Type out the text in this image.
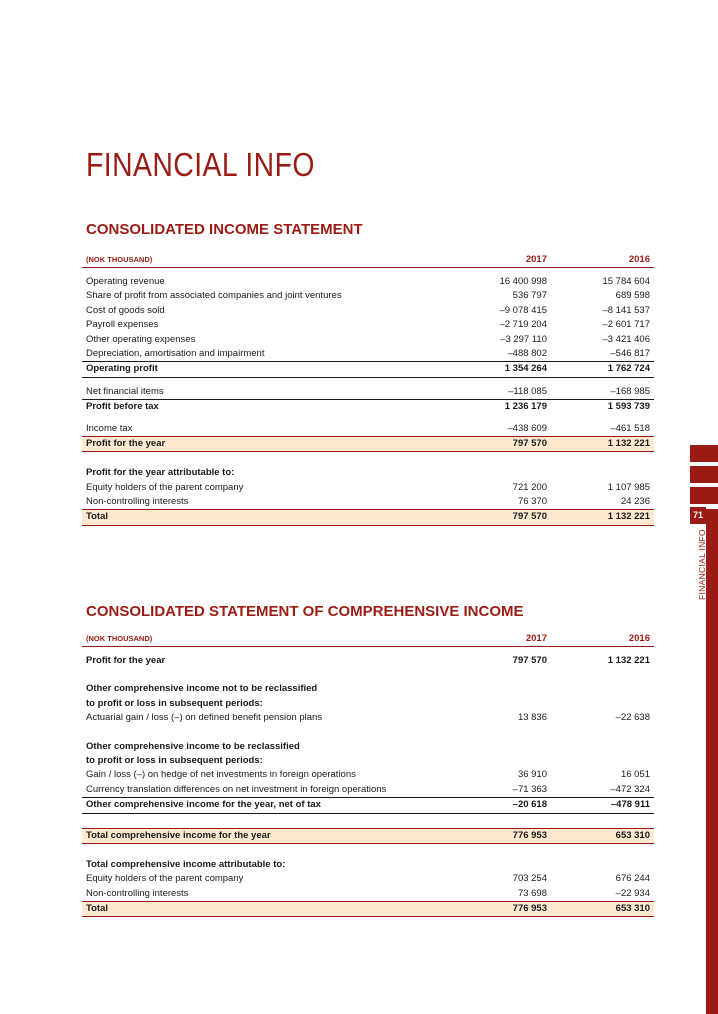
FINANCIAL INFO
CONSOLIDATED INCOME STATEMENT
(NOK THOUSAND)	2017	2016
Operating revenue	16 400 998	15 784 604
Share of profit from associated companies and joint ventures	536 797	689 598
Cost of goods sold	–9 078 415	–8 141 537
Payroll expenses	–2 719 204	–2 601 717
Other operating expenses	–3 297 110	–3 421 406
Depreciation, amortisation and impairment	–488 802	–546 817
Operating profit	1 354 264	1 762 724
Net financial items	–118 085	–168 985
Profit before tax	1 236 179	1 593 739
Income tax	–438 609	–461 518
Profit for the year	797 570	1 132 221
Profit for the year attributable to:
Equity holders of the parent company	721 200	1 107 985
Non-controlling interests	76 370	24 236
Total	797 570	1 132 221
CONSOLIDATED STATEMENT OF COMPREHENSIVE INCOME
(NOK THOUSAND)	2017	2016
Profit for the year	797 570	1 132 221
Other comprehensive income not to be reclassified
to profit or loss in subsequent periods:
Actuarial gain / loss (–) on defined benefit pension plans	13 836	–22 638
Other comprehensive income to be reclassified
to profit or loss in subsequent periods:
Gain / loss (–) on hedge of net investments in foreign operations	36 910	16 051
Currency translation differences on net investment in foreign operations	–71 363	–472 324
Other comprehensive income for the year, net of tax	–20 618	–478 911
Total comprehensive income for the year	776 953	653 310
Total comprehensive income attributable to:
Equity holders of the parent company	703 254	676 244
Non-controlling interests	73 698	–22 934
Total	776 953	653 310
71
FINANCIAL INFO
